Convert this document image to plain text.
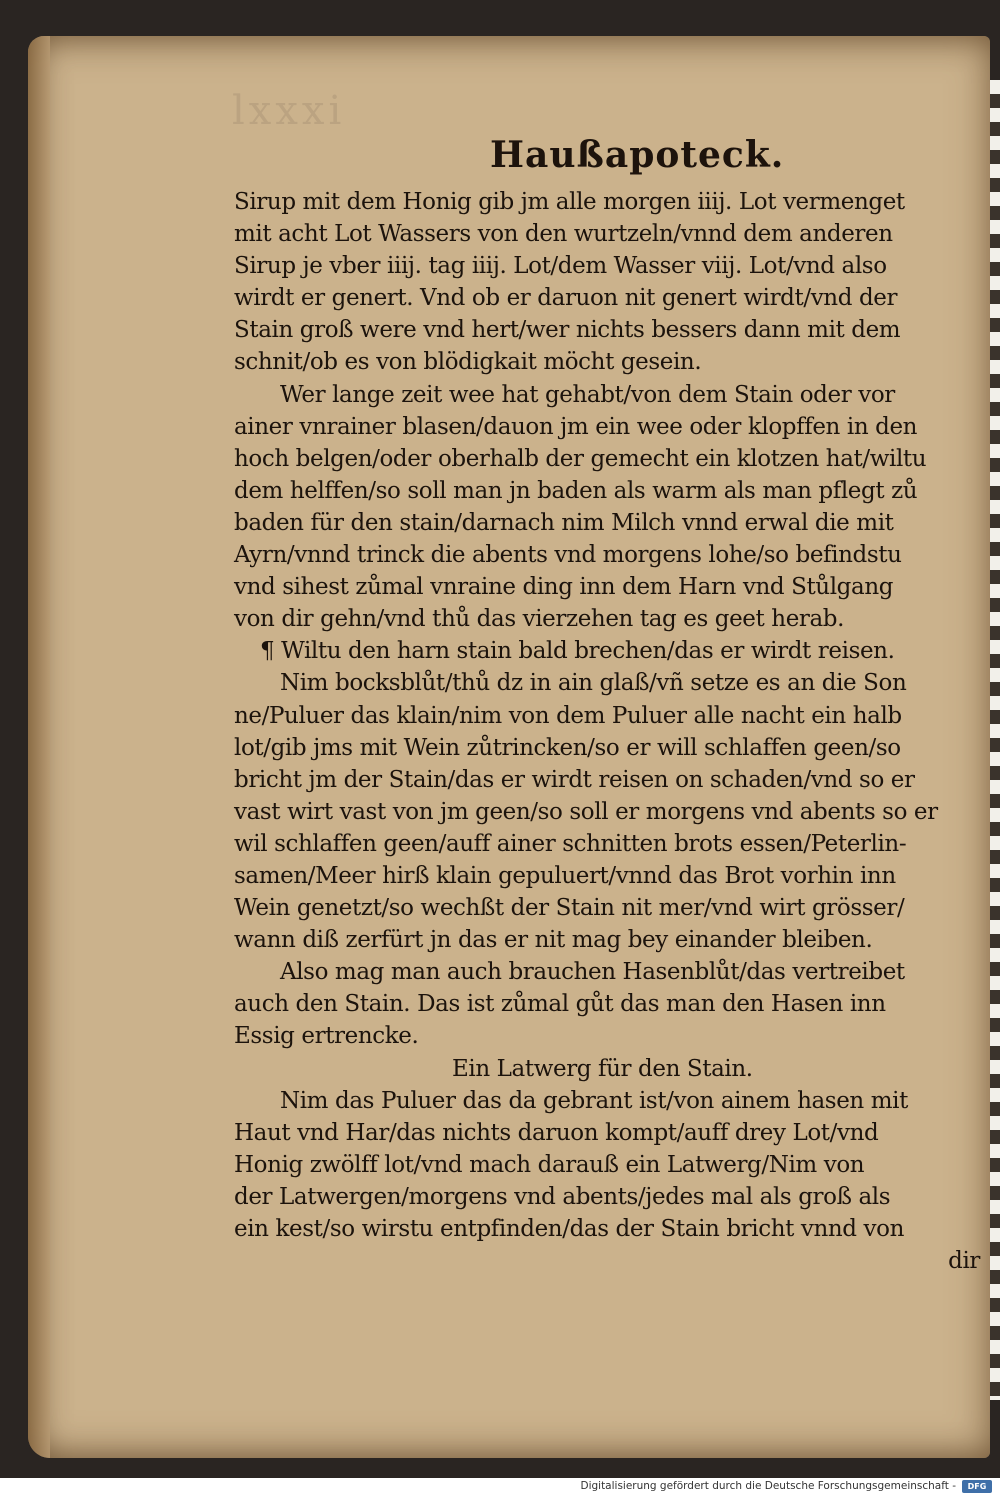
lxxxi
Haußapoteck.
Sirup mit dem Honig gib jm alle morgen iiij. Lot vermenget
mit acht Lot Wassers von den wurtzeln/vnnd dem anderen
Sirup je vber iiij. tag iiij. Lot/dem Wasser viij. Lot/vnd also
wirdt er genert. Vnd ob er daruon nit genert wirdt/vnd der
Stain groß were vnd hert/wer nichts bessers dann mit dem
schnit/ob es von blödigkait möcht gesein.
Wer lange zeit wee hat gehabt/von dem Stain oder vor
ainer vnrainer blasen/dauon jm ein wee oder klopffen in den
hoch belgen/oder oberhalb der gemecht ein klotzen hat/wiltu
dem helffen/so soll man jn baden als warm als man pflegt zů
baden für den stain/darnach nim Milch vnnd erwal die mit
Ayrn/vnnd trinck die abents vnd morgens lohe/so befindstu
vnd sihest zůmal vnraine ding inn dem Harn vnd Stůlgang
von dir gehn/vnd thů das vierzehen tag es geet herab.
¶ Wiltu den harn stain bald brechen/das er wirdt reisen.
Nim bocksblůt/thů dz in ain glaß/vñ setze es an die Son
ne/Puluer das klain/nim von dem Puluer alle nacht ein halb
lot/gib jms mit Wein zůtrincken/so er will schlaffen geen/so
bricht jm der Stain/das er wirdt reisen on schaden/vnd so er
vast wirt vast von jm geen/so soll er morgens vnd abents so er
wil schlaffen geen/auff ainer schnitten brots essen/Peterlin-
samen/Meer hirß klain gepuluert/vnnd das Brot vorhin inn
Wein genetzt/so wechßt der Stain nit mer/vnd wirt grösser/
wann diß zerfürt jn das er nit mag bey einander bleiben.
Also mag man auch brauchen Hasenblůt/das vertreibet
auch den Stain. Das ist zůmal gůt das man den Hasen inn
Essig ertrencke.
Ein Latwerg für den Stain.
Nim das Puluer das da gebrant ist/von ainem hasen mit
Haut vnd Har/das nichts daruon kompt/auff drey Lot/vnd
Honig zwölff lot/vnd mach darauß ein Latwerg/Nim von
der Latwergen/morgens vnd abents/jedes mal als groß als
ein kest/so wirstu entpfinden/das der Stain bricht vnnd von
dir
Digitalisierung gefördert durch die Deutsche Forschungsgemeinschaft -	DFG
